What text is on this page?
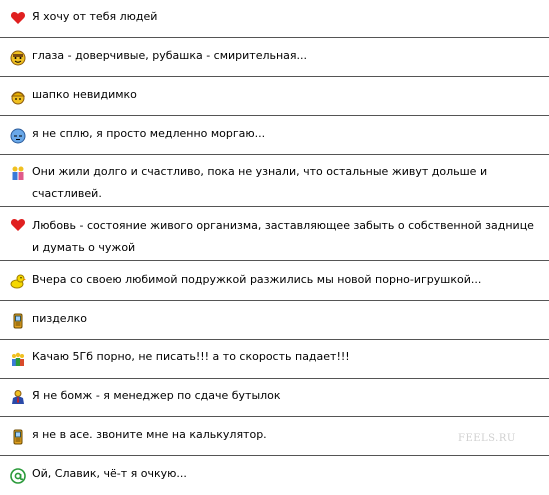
Я хочу от тебя людей
глаза - доверчивые, рубашка - смирительная...
шапко невидимко
я не сплю, я просто медленно моргаю...
Они жили долго и счастливо, пока не узнали, что остальные живут дольше и счастливей.
Любовь - состояние живого организма, заставляющее забыть о собственной заднице и думать о чужой
Вчера со своею любимой подружкой разжились мы новой порно-игрушкой...
пизделко
Качаю 5Гб порно, не писать!!! а то скорость падает!!!
Я не бомж - я менеджер по сдаче бутылок
я не в асе. звоните мне на калькулятор.
Ой, Славик, чё-т я очкую...
FEELS.RU
